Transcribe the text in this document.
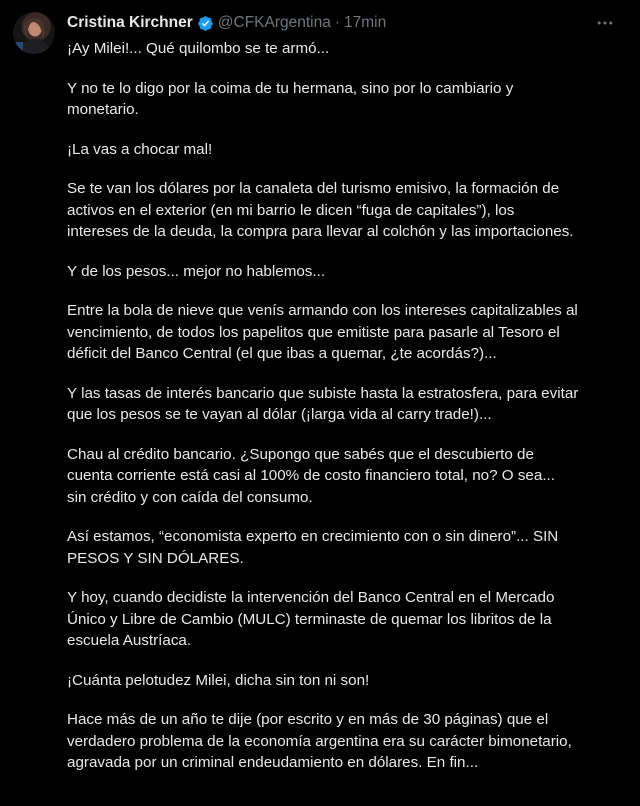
Cristina Kirchner @CFKArgentina · 17min

¡Ay Milei!... Qué quilombo se te armó...

Y no te lo digo por la coima de tu hermana, sino por lo cambiario y
monetario.

¡La vas a chocar mal!

Se te van los dólares por la canaleta del turismo emisivo, la formación de
activos en el exterior (en mi barrio le dicen “fuga de capitales”), los
intereses de la deuda, la compra para llevar al colchón y las importaciones.

Y de los pesos... mejor no hablemos...

Entre la bola de nieve que venís armando con los intereses capitalizables al
vencimiento, de todos los papelitos que emitiste para pasarle al Tesoro el
déficit del Banco Central (el que ibas a quemar, ¿te acordás?)...

Y las tasas de interés bancario que subiste hasta la estratosfera, para evitar
que los pesos se te vayan al dólar (¡larga vida al carry trade!)...

Chau al crédito bancario. ¿Supongo que sabés que el descubierto de
cuenta corriente está casi al 100% de costo financiero total, no? O sea...
sin crédito y con caída del consumo.

Así estamos, “economista experto en crecimiento con o sin dinero”... SIN
PESOS Y SIN DÓLARES.

Y hoy, cuando decidiste la intervención del Banco Central en el Mercado
Único y Libre de Cambio (MULC) terminaste de quemar los libritos de la
escuela Austríaca.

¡Cuánta pelotudez Milei, dicha sin ton ni son!

Hace más de un año te dije (por escrito y en más de 30 páginas) que el
verdadero problema de la economía argentina era su carácter bimonetario,
agravada por un criminal endeudamiento en dólares. En fin...
